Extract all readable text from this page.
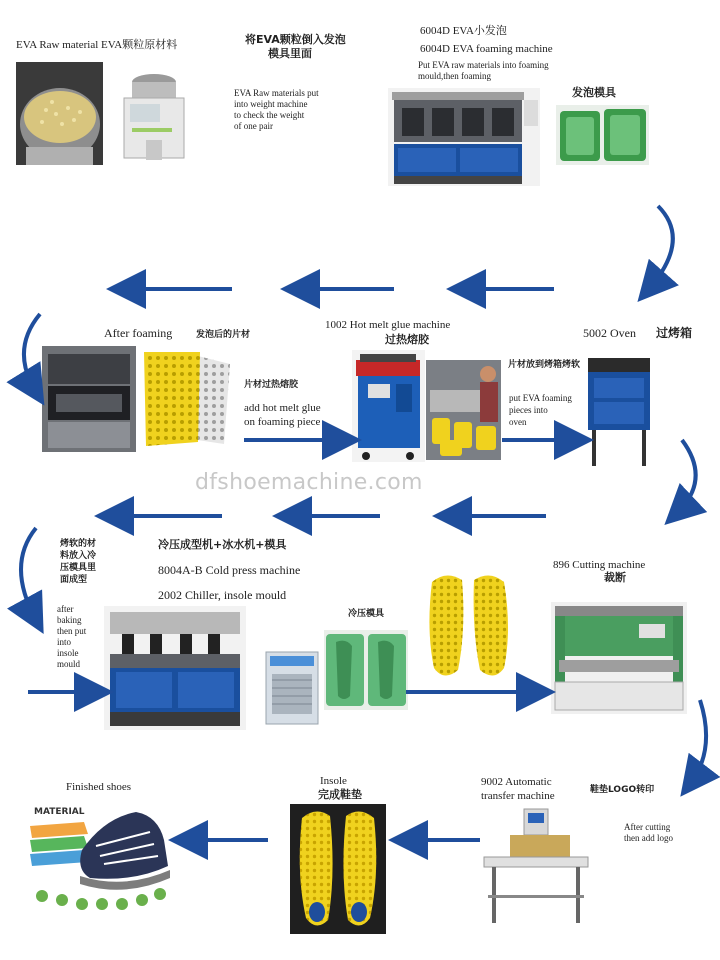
EVA Raw material EVA颗粒原材料	将EVA颗粒倒入发泡
模具里面
EVA Raw materials put
into weight machine
to check the weight
of one pair
6004D EVA小发泡
6004D EVA foaming machine
Put EVA raw materials into foaming
mould,then foaming
发泡模具
After foaming	发泡后的片材
1002 Hot melt glue machine
过热熔胶	5002 Oven 过烤箱
片材过热熔胶
add hot melt glue
on foaming piece
片材放到烤箱烤软
put EVA foaming
pieces into
oven
dfshoemachine.com
烤软的材
料放入冷
压模具里
面成型
after
baking
then put
into
insole
mould
冷压成型机+冰水机+模具
8004A-B Cold press machine
2002 Chiller, insole mould
冷压模具
896 Cutting machine
裁断
Finished shoes	Insole
完成鞋垫
9002 Automatic
transfer machine	鞋垫LOGO转印
After cutting
then add logo
MATERIAL
